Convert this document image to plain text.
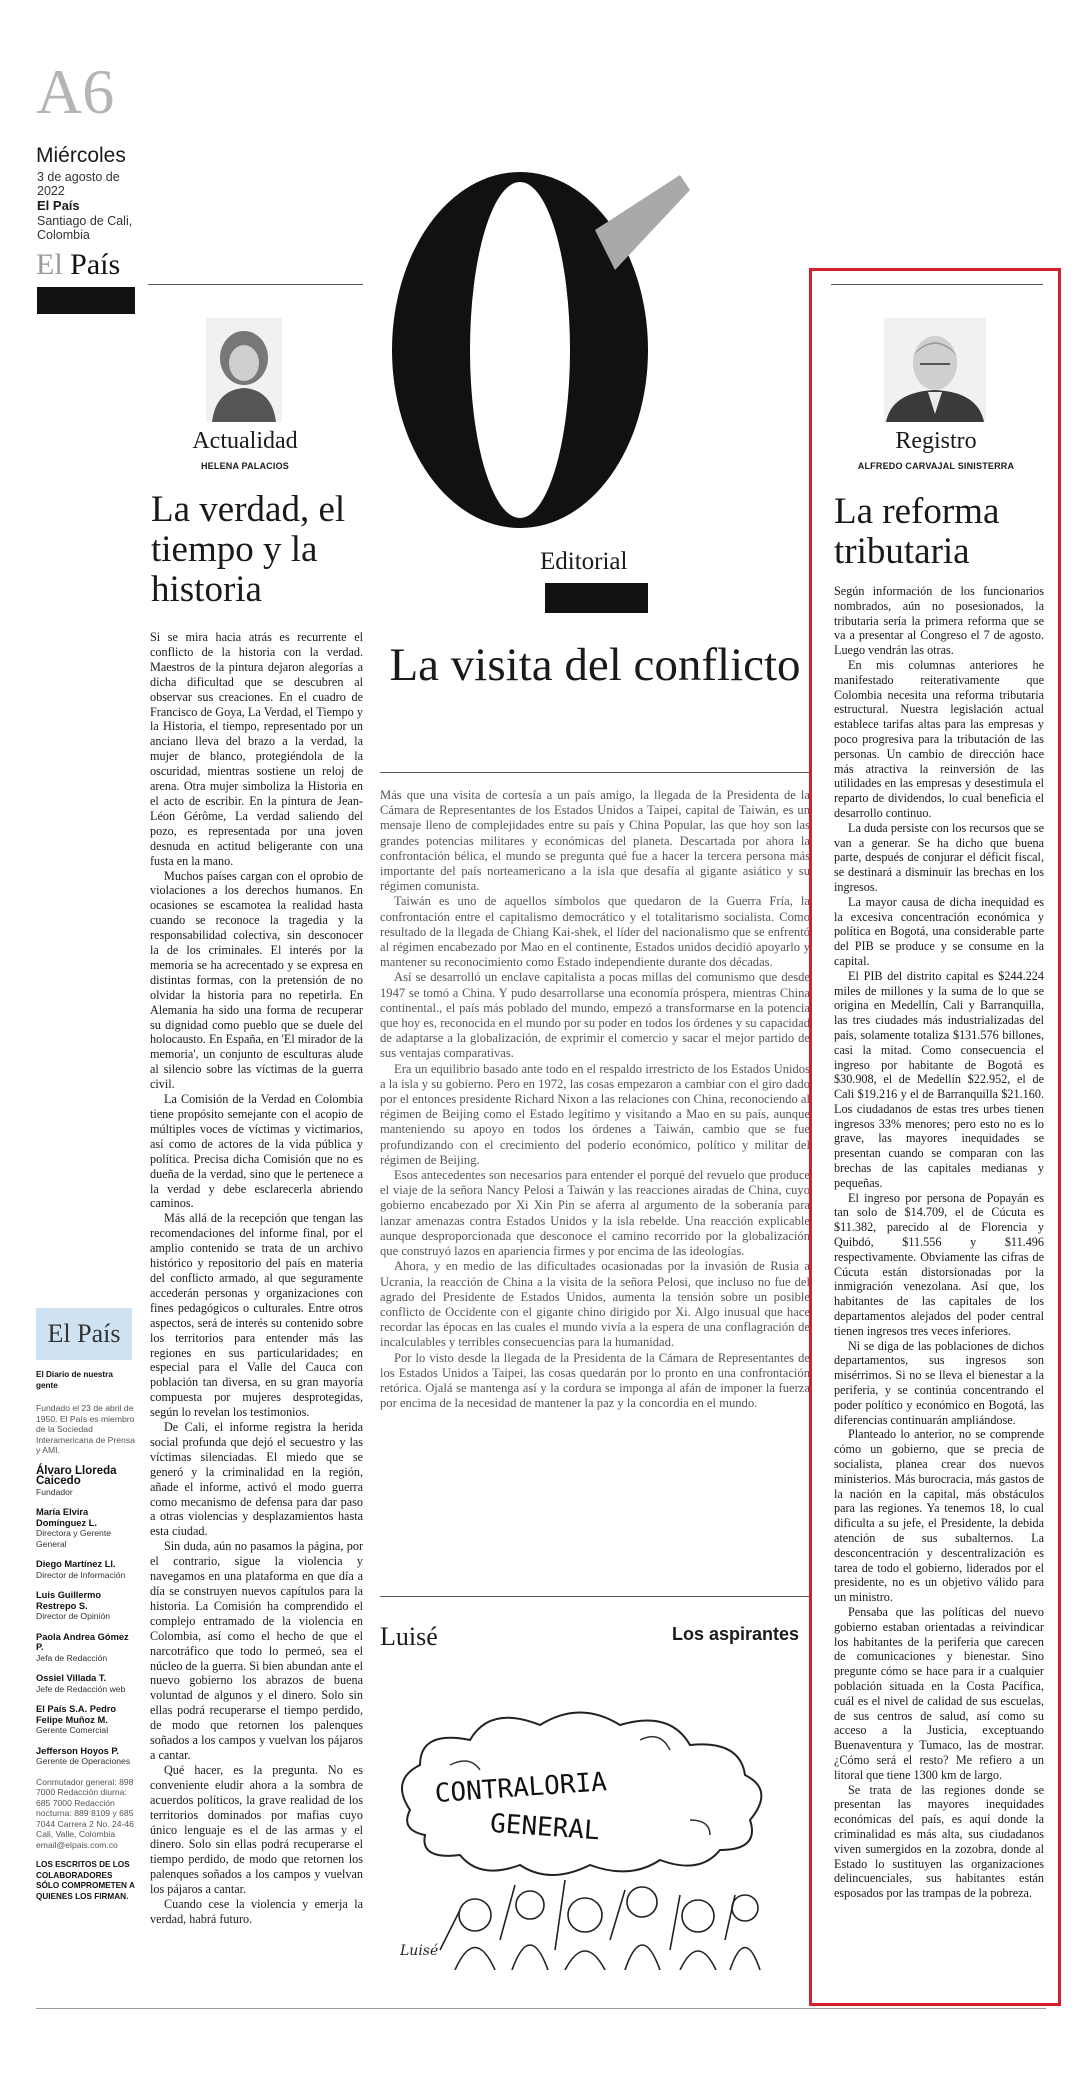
A6
Miércoles
3 de agosto de 2022
El País
Santiago de Cali, Colombia
El País
Editorial
La visita del conflicto
Actualidad
HELENA PALACIOS
La verdad, el tiempo y la historia

Si se mira hacia atrás es recurrente el conflicto de la historia con la verdad. Maestros de la pintura dejaron alegorías a dicha dificultad que se descubren al observar sus creaciones. En el cuadro de Francisco de Goya, La Verdad, el Tiempo y la Historia, el tiempo, representado por un anciano lleva del brazo a la verdad, la mujer de blanco, protegiéndola de la oscuridad, mientras sostiene un reloj de arena. Otra mujer simboliza la Historia en el acto de escribir. En la pintura de Jean-Léon Gérôme, La verdad saliendo del pozo, es representada por una joven desnuda en actitud beligerante con una fusta en la mano.

Muchos países cargan con el oprobio de violaciones a los derechos humanos. En ocasiones se escamotea la realidad hasta cuando se reconoce la tragedia y la responsabilidad colectiva, sin desconocer la de los criminales. El interés por la memoria se ha acrecentado y se expresa en distintas formas, con la pretensión de no olvidar la historia para no repetirla. En Alemania ha sido una forma de recuperar su dignidad como pueblo que se duele del holocausto. En España, en 'El mirador de la memoria', un conjunto de esculturas alude al silencio sobre las víctimas de la guerra civil.

La Comisión de la Verdad en Colombia tiene propósito semejante con el acopio de múltiples voces de víctimas y victimarios, así como de actores de la vida pública y política. Precisa dicha Comisión que no es dueña de la verdad, sino que le pertenece a la verdad y debe esclarecerla abriendo caminos.

Más allá de la recepción que tengan las recomendaciones del informe final, por el amplio contenido se trata de un archivo histórico y repositorio del país en materia del conflicto armado, al que seguramente accederán personas y organizaciones con fines pedagógicos o culturales. Entre otros aspectos, será de interés su contenido sobre los territorios para entender más las regiones en sus particularidades; en especial para el Valle del Cauca con población tan diversa, en su gran mayoría compuesta por mujeres desprotegidas, según lo revelan los testimonios.

De Cali, el informe registra la herida social profunda que dejó el secuestro y las víctimas silenciadas. El miedo que se generó y la criminalidad en la región, añade el informe, activó el modo guerra como mecanismo de defensa para dar paso a otras violencias y desplazamientos hasta esta ciudad.

Sin duda, aún no pasamos la página, por el contrario, sigue la violencia y navegamos en una plataforma en que día a día se construyen nuevos capítulos para la historia. La Comisión ha comprendido el complejo entramado de la violencia en Colombia, así como el hecho de que el narcotráfico que todo lo permeó, sea el núcleo de la guerra. Si bien abundan ante el nuevo gobierno los abrazos de buena voluntad de algunos y el dinero. Solo sin ellas podrá recuperarse el tiempo perdido, de modo que retornen los palenques soñados a los campos y vuelvan los pájaros a cantar.

Qué hacer, es la pregunta. No es conveniente eludir ahora a la sombra de acuerdos políticos, la grave realidad de los territorios dominados por mafias cuyo único lenguaje es el de las armas y el dinero. Solo sin ellas podrá recuperarse el tiempo perdido, de modo que retornen los palenques soñados a los campos y vuelvan los pájaros a cantar.

Cuando cese la violencia y emerja la verdad, habrá futuro.

El País
El Diario de nuestra gente
Fundado el 23 de abril de 1950. El País es miembro de la Sociedad Interamericana de Prensa y AMI.
Álvaro Lloreda Caicedo
Fundador
María Elvira Domínguez L.
Directora y Gerente General
Diego Martínez Ll.
Director de Información
Luis Guillermo Restrepo S.
Director de Opinión
Paola Andrea Gómez P.
Jefa de Redacción
Ossiel Villada T.
Jefe de Redacción web
El País S.A. Pedro Felipe Muñoz M.
Gerente Comercial
Jefferson Hoyos P.
Gerente de Operaciones
Conmutador general: 898 7000 Redacción diurna: 685 7000 Redacción nocturna: 889 8109 y 685 7044 Carrera 2 No. 24-46 Cali, Valle, Colombia email@elpais.com.co
LOS ESCRITOS DE LOS COLABORADORES SÓLO COMPROMETEN A QUIENES LOS FIRMAN.

Más que una visita de cortesía a un país amigo, la llegada de la Presidenta de la Cámara de Representantes de los Estados Unidos a Taipei, capital de Taiwán, es un mensaje lleno de complejidades entre su país y China Popular, las que hoy son las grandes potencias militares y económicas del planeta. Descartada por ahora la confrontación bélica, el mundo se pregunta qué fue a hacer la tercera persona más importante del país norteamericano a la isla que desafía al gigante asiático y su régimen comunista.

Taiwán es uno de aquellos símbolos que quedaron de la Guerra Fría, la confrontación entre el capitalismo democrático y el totalitarismo socialista. Como resultado de la llegada de Chiang Kai-shek, el líder del nacionalismo que se enfrentó al régimen encabezado por Mao en el continente, Estados unidos decidió apoyarlo y mantener su reconocimiento como Estado independiente durante dos décadas.

Así se desarrolló un enclave capitalista a pocas millas del comunismo que desde 1947 se tomó a China. Y pudo desarrollarse una economía próspera, mientras China continental., el país más poblado del mundo, empezó a transformarse en la potencia que hoy es, reconocida en el mundo por su poder en todos los órdenes y su capacidad de adaptarse a la globalización, de exprimir el comercio y sacar el mejor partido de sus ventajas comparativas.

Era un equilibrio basado ante todo en el respaldo irrestricto de los Estados Unidos a la isla y su gobierno. Pero en 1972, las cosas empezaron a cambiar con el giro dado por el entonces presidente Richard Nixon a las relaciones con China, reconociendo al régimen de Beijing como el Estado legítimo y visitando a Mao en su país, aunque manteniendo su apoyo en todos los órdenes a Taiwán, cambio que se fue profundizando con el crecimiento del poderío económico, político y militar del régimen de Beijing.

Esos antecedentes son necesarios para entender el porqué del revuelo que produce el viaje de la señora Nancy Pelosi a Taiwán y las reacciones airadas de China, cuyo gobierno encabezado por Xi Xin Pin se aferra al argumento de la soberanía para lanzar amenazas contra Estados Unidos y la isla rebelde. Una reacción explicable aunque desproporcionada que desconoce el camino recorrido por la globalización que construyó lazos en apariencia firmes y por encima de las ideologías.

Ahora, y en medio de las dificultades ocasionadas por la invasión de Rusia a Ucrania, la reacción de China a la visita de la señora Pelosi, que incluso no fue del agrado del Presidente de Estados Unidos, aumenta la tensión sobre un posible conflicto de Occidente con el gigante chino dirigido por Xi. Algo inusual que hace recordar las épocas en las cuales el mundo vivía a la espera de una conflagración de incalculables y terribles consecuencias para la humanidad.

Por lo visto desde la llegada de la Presidenta de la Cámara de Representantes de los Estados Unidos a Taipei, las cosas quedarán por lo pronto en una confrontación retórica. Ojalá se mantenga así y la cordura se imponga al afán de imponer la fuerza por encima de la necesidad de mantener la paz y la concordia en el mundo.

Luisé	Los aspirantes
CONTRALORIA
GENERAL
Luisé
Registro
ALFREDO CARVAJAL SINISTERRA
La reforma tributaria

Según información de los funcionarios nombrados, aún no posesionados, la tributaria sería la primera reforma que se va a presentar al Congreso el 7 de agosto. Luego vendrán las otras.

En mis columnas anteriores he manifestado reiterativamente que Colombia necesita una reforma tributaria estructural. Nuestra legislación actual establece tarifas altas para las empresas y poco progresiva para la tributación de las personas. Un cambio de dirección hace más atractiva la reinversión de las utilidades en las empresas y desestimula el reparto de dividendos, lo cual beneficia el desarrollo continuo.

La duda persiste con los recursos que se van a generar. Se ha dicho que buena parte, después de conjurar el déficit fiscal, se destinará a disminuir las brechas en los ingresos.

La mayor causa de dicha inequidad es la excesiva concentración económica y política en Bogotá, una considerable parte del PIB se produce y se consume en la capital.

El PIB del distrito capital es $244.224 miles de millones y la suma de lo que se origina en Medellín, Cali y Barranquilla, las tres ciudades más industrializadas del país, solamente totaliza $131.576 billones, casi la mitad. Como consecuencia el ingreso por habitante de Bogotá es $30.908, el de Medellín $22.952, el de Cali $19.216 y el de Barranquilla $21.160. Los ciudadanos de estas tres urbes tienen ingresos 33% menores; pero esto no es lo grave, las mayores inequidades se presentan cuando se comparan con las brechas de las capitales medianas y pequeñas.

El ingreso por persona de Popayán es tan solo de $14.709, el de Cúcuta es $11.382, parecido al de Florencia y Quibdó, $11.556 y $11.496 respectivamente. Obviamente las cifras de Cúcuta están distorsionadas por la inmigración venezolana. Así que, los habitantes de las capitales de los departamentos alejados del poder central tienen ingresos tres veces inferiores.

Ni se diga de las poblaciones de dichos departamentos, sus ingresos son misérrimos. Si no se lleva el bienestar a la periferia, y se continúa concentrando el poder político y económico en Bogotá, las diferencias continuarán ampliándose.

Planteado lo anterior, no se comprende cómo un gobierno, que se precia de socialista, planea crear dos nuevos ministerios. Más burocracia, más gastos de la nación en la capital, más obstáculos para las regiones. Ya tenemos 18, lo cual dificulta a su jefe, el Presidente, la debida atención de sus subalternos. La desconcentración y descentralización es tarea de todo el gobierno, liderados por el presidente, no es un objetivo válido para un ministro.

Pensaba que las políticas del nuevo gobierno estaban orientadas a reivindicar los habitantes de la periferia que carecen de comunicaciones y bienestar. Sino pregunte cómo se hace para ir a cualquier población situada en la Costa Pacífica, cuál es el nivel de calidad de sus escuelas, de sus centros de salud, así como su acceso a la Justicia, exceptuando Buenaventura y Tumaco, las de mostrar. ¿Cómo será el resto? Me refiero a un litoral que tiene 1300 km de largo.

Se trata de las regiones donde se presentan las mayores inequidades económicas del país, es aquí donde la criminalidad es más alta, sus ciudadanos viven sumergidos en la zozobra, donde al Estado lo sustituyen las organizaciones delincuenciales, sus habitantes están esposados por las trampas de la pobreza.
